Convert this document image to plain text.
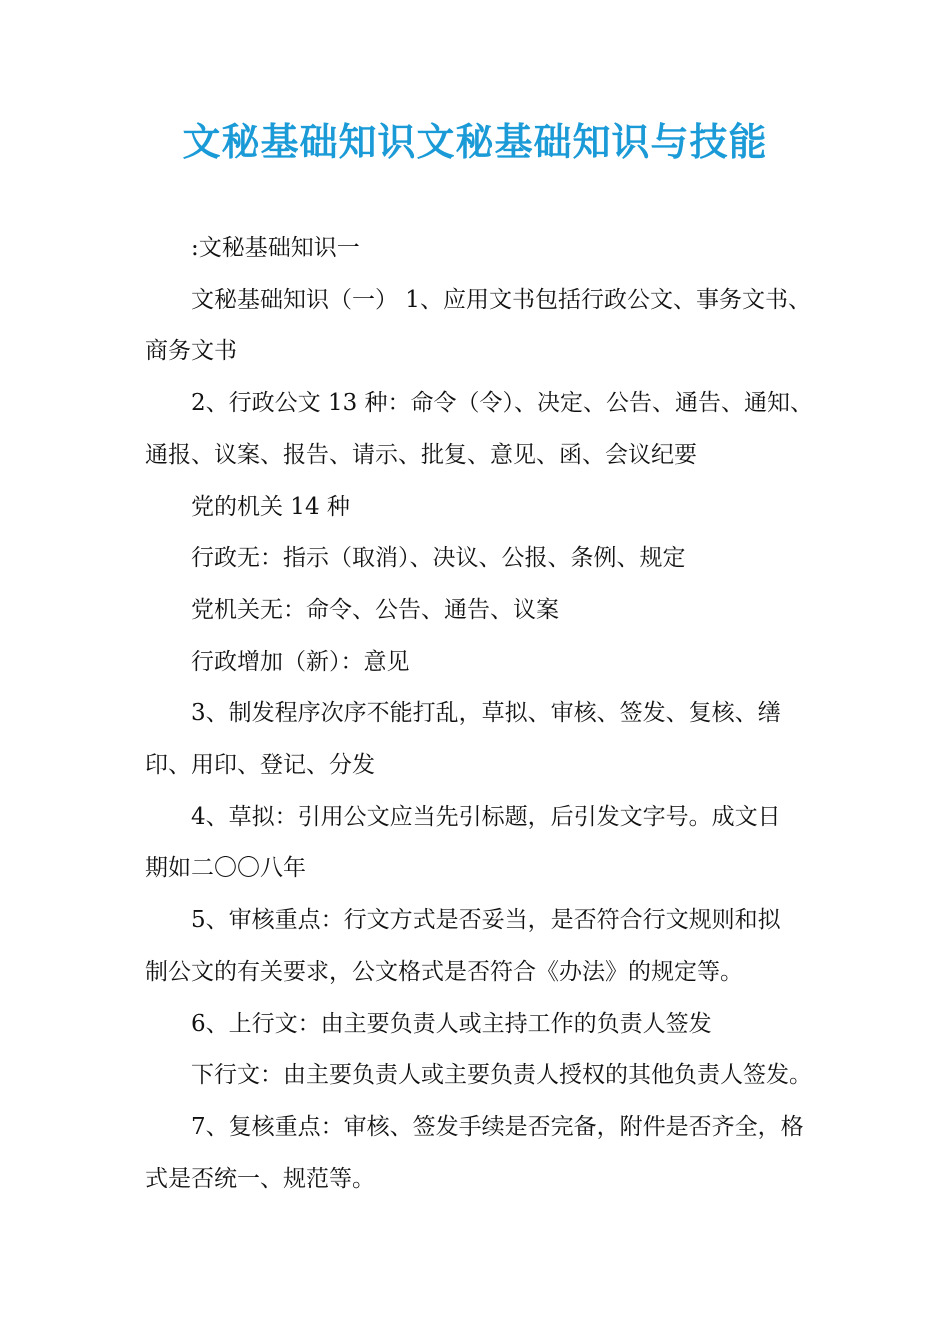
文秘基础知识文秘基础知识与技能

:文秘基础知识一

文秘基础知识（一） 1、应用文书包括行政公文、事务文书、
商务文书

2、行政公文 13 种：命令（令）、决定、公告、通告、通知、
通报、议案、报告、请示、批复、意见、函、会议纪要

党的机关 14 种

行政无：指示（取消）、决议、公报、条例、规定

党机关无：命令、公告、通告、议案

行政增加（新）：意见

3、制发程序次序不能打乱，草拟、审核、签发、复核、缮
印、用印、登记、分发

4、草拟：引用公文应当先引标题，后引发文字号。成文日
期如二〇〇八年

5、审核重点：行文方式是否妥当，是否符合行文规则和拟
制公文的有关要求，公文格式是否符合《办法》的规定等。

6、上行文：由主要负责人或主持工作的负责人签发

下行文：由主要负责人或主要负责人授权的其他负责人签发。

7、复核重点：审核、签发手续是否完备，附件是否齐全，格
式是否统一、规范等。
